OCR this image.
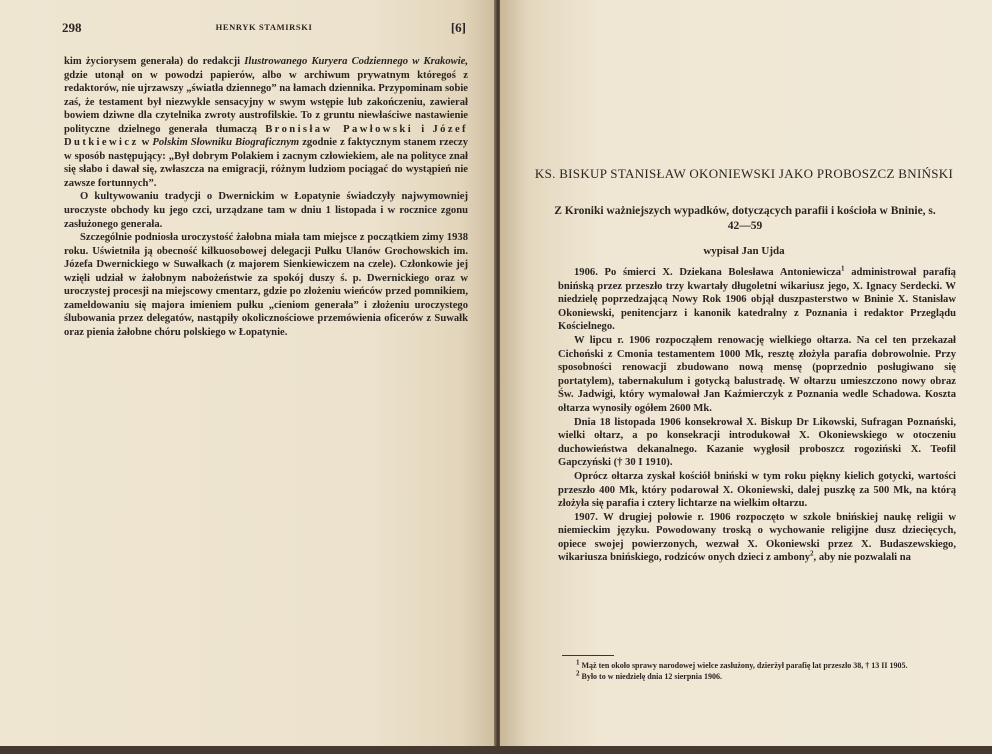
298	HENRYK STAMIRSKI	[6]

kim życiorysem generała) do redakcji Ilustrowanego Kuryera Codziennego w Krakowie, gdzie utonął on w powodzi papierów, albo w archiwum prywatnym któregoś z redaktorów, nie ujrzawszy „światła dziennego” na łamach dziennika. Przypominam sobie zaś, że testament był niezwykle sensacyjny w swym wstępie lub zakończeniu, zawierał bowiem dziwne dla czytelnika zwroty austrofilskie. To z gruntu niewłaściwe nastawienie polityczne dzielnego generała tłumaczą Bronisław Pawłowski i Józef Dutkiewicz w Polskim Słowniku Biograficznym zgodnie z faktycznym stanem rzeczy w sposób następujący: „Był dobrym Polakiem i zacnym człowiekiem, ale na polityce znał się słabo i dawał się, zwłaszcza na emigracji, różnym ludziom pociągać do wystąpień nie zawsze fortunnych”.

O kultywowaniu tradycji o Dwernickim w Łopatynie świadczyły najwymowniej uroczyste obchody ku jego czci, urządzane tam w dniu 1 listopada i w rocznice zgonu zasłużonego generała.

Szczególnie podniosła uroczystość żałobna miała tam miejsce z początkiem zimy 1938 roku. Uświetniła ją obecność kilkuosobowej delegacji Pułku Ułanów Grochowskich im. Józefa Dwernickiego w Suwałkach (z majorem Sienkiewiczem na czele). Członkowie jej wzięli udział w żałobnym nabożeństwie za spokój duszy ś. p. Dwernickiego oraz w uroczystej procesji na miejscowy cmentarz, gdzie po złożeniu wieńców przed pomnikiem, zameldowaniu się majora imieniem pułku „cieniom generała” i złożeniu uroczystego ślubowania przez delegatów, nastąpiły okolicznościowe przemówienia oficerów z Suwałk oraz pienia żałobne chóru polskiego w Łopatynie.

KS. BISKUP STANISŁAW OKONIEWSKI JAKO PROBOSZCZ BNIŃSKI
Z Kroniki ważniejszych wypadków, dotyczących parafii i kościoła w Bninie, s. 42—59
wypisał Jan Ujda

1906. Po śmierci X. Dziekana Bolesława Antoniewicza$^1$ administrował parafią bnińską przez przeszło trzy kwartały długoletni wikariusz jego, X. Ignacy Serdecki. W niedzielę poprzedzającą Nowy Rok 1906 objął duszpasterstwo w Bninie X. Stanisław Okoniewski, penitencjarz i kanonik katedralny z Poznania i redaktor Przeglądu Kościelnego.

W lipcu r. 1906 rozpocząłem renowację wielkiego ołtarza. Na cel ten przekazał Cichoński z Cmonia testamentem 1000 Mk, resztę złożyła parafia dobrowolnie. Przy sposobności renowacji zbudowano nową mensę (poprzednio posługiwano się portatylem), tabernakulum i gotycką balustradę. W ołtarzu umieszczono nowy obraz Św. Jadwigi, który wymalował Jan Kaźmierczyk z Poznania wedle Schadowa. Koszta ołtarza wynosiły ogółem 2600 Mk.

Dnia 18 listopada 1906 konsekrował X. Biskup Dr Likowski, Sufragan Poznański, wielki ołtarz, a po konsekracji introdukował X. Okoniewskiego w otoczeniu duchowieństwa dekanalnego. Kazanie wygłosił proboszcz rogoziński X. Teofil Gapczyński († 30 I 1910).

Oprócz ołtarza zyskał kościół bniński w tym roku piękny kielich gotycki, wartości przeszło 400 Mk, który podarował X. Okoniewski, dalej puszkę za 500 Mk, na którą złożyła się parafia i cztery lichtarze na wielkim ołtarzu.

1907. W drugiej połowie r. 1906 rozpoczęto w szkole bnińskiej naukę religii w niemieckim języku. Powodowany troską o wychowanie religijne dusz dziecięcych, opiece swojej powierzonych, wezwał X. Okoniewski przez X. Budaszewskiego, wikariusza bnińskiego, rodziców onych dzieci z ambony$^2$, aby nie pozwalali na

$^1$ Mąż ten około sprawy narodowej wielce zasłużony, dzierżył parafię lat przeszło 38, † 13 II 1905.

$^2$ Było to w niedzielę dnia 12 sierpnia 1906.
